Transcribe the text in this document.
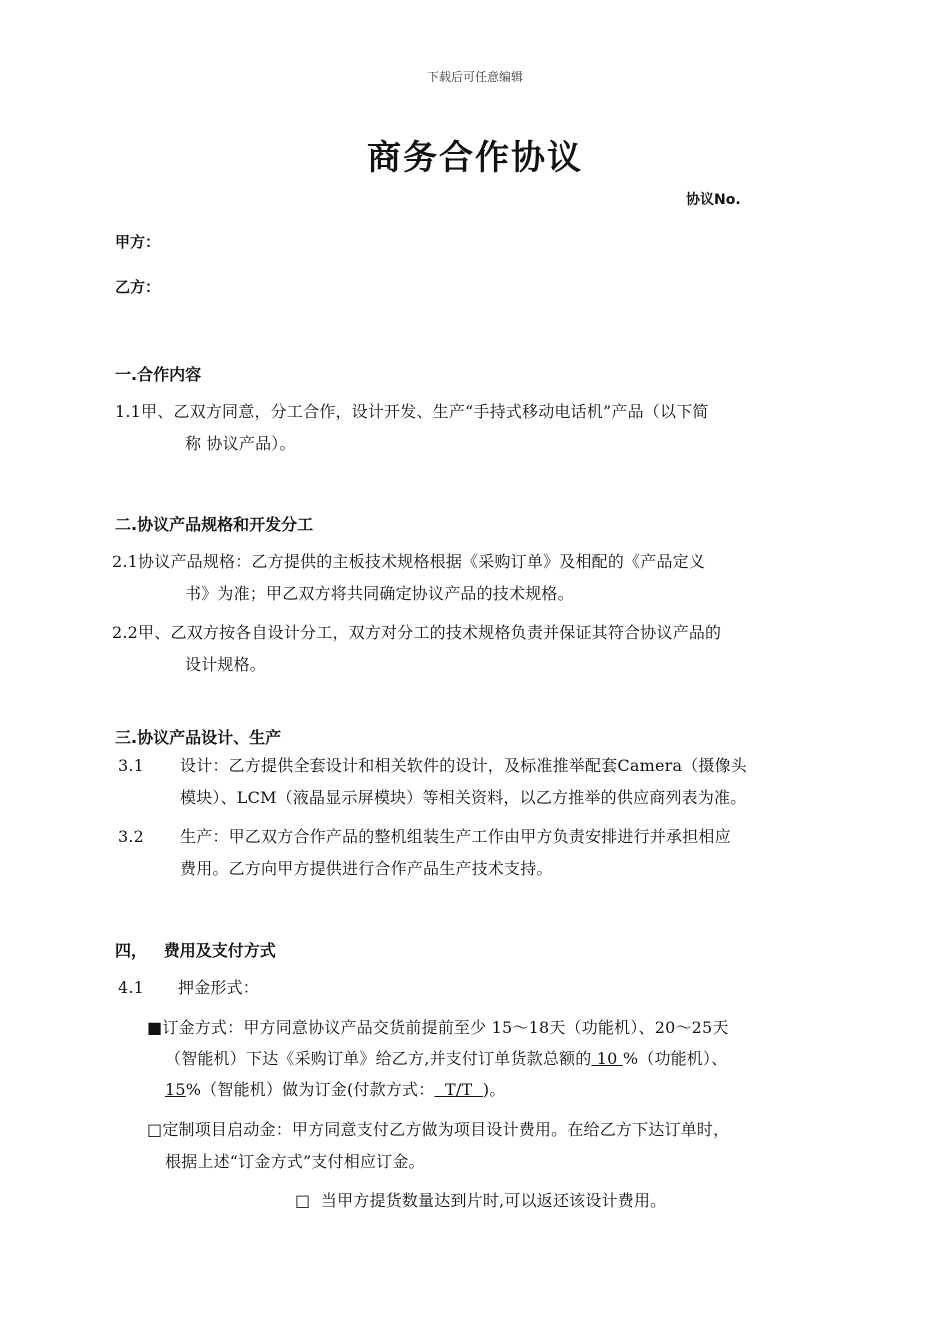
下载后可任意编辑
商务合作协议
协议No.
甲方：
乙方：
一.合作内容
1.1甲、乙双方同意，分工合作，设计开发、生产“手持式移动电话机”产品（以下简
称 协议产品）。
二.协议产品规格和开发分工
2.1协议产品规格：乙方提供的主板技术规格根据《采购订单》及相配的《产品定义
书》为准；甲乙双方将共同确定协议产品的技术规格。
2.2甲、乙双方按各自设计分工，双方对分工的技术规格负责并保证其符合协议产品的
设计规格。
三.协议产品设计、生产
3.1 设计：乙方提供全套设计和相关软件的设计，及标准推举配套Camera（摄像头
模块）、LCM（液晶显示屏模块）等相关资料，以乙方推举的供应商列表为准。
3.2 生产：甲乙双方合作产品的整机组装生产工作由甲方负责安排进行并承担相应
费用。乙方向甲方提供进行合作产品生产技术支持。
四，   费用及支付方式
4.1 押金形式：
■订金方式：甲方同意协议产品交货前提前至少 15～18天（功能机）、20～25天
（智能机）下达《采购订单》给乙方,并支付订单货款总额的 10 %（功能机）、
15%（智能机）做为订金(付款方式：  T/T  )。
□定制项目启动金：甲方同意支付乙方做为项目设计费用。在给乙方下达订单时，
根据上述“订金方式”支付相应订金。
□  当甲方提货数量达到片时,可以返还该设计费用。
